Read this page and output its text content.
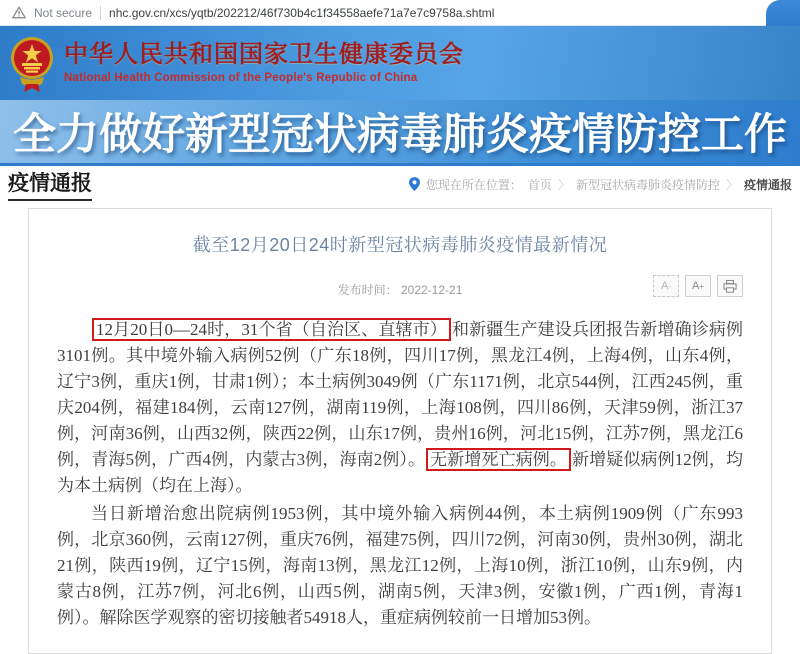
Not secure nhc.gov.cn/xcs/yqtb/202212/46f730b4c1f34558aefe71a7e7c9758a.shtml
中华人民共和国国家卫生健康委员会
National Health Commission of the People's Republic of China
全力做好新型冠状病毒肺炎疫情防控工作
疫情通报	您现在所在位置： 首页 〉 新型冠状病毒肺炎疫情防控 〉 疫情通报
截至12月20日24时新型冠状病毒肺炎疫情最新情况
发布时间： 2022-12-21	A -	A +

12月20日0—24时，31个省（自治区、直辖市） 和新疆生产建设兵团报告新增确诊病例3101例。其中境外输入病例52例（广东18例，四川17例，黑龙江4例，上海4例，山东4例，辽宁3例，重庆1例，甘肃1例）；本土病例3049例（广东1171例，北京544例，江西245例，重庆204例，福建184例，云南127例，湖南119例，上海108例，四川86例，天津59例，浙江37例，河南36例，山西32例，陕西22例，山东17例，贵州16例，河北15例，江苏7例，黑龙江6例，青海5例，广西4例，内蒙古3例，海南2例）。 无新增死亡病例。 新增疑似病例12例，均为本土病例（均在上海）。

当日新增治愈出院病例1953例，其中境外输入病例44例，本土病例1909例（广东993例，北京360例，云南127例，重庆76例，福建75例，四川72例，河南30例，贵州30例，湖北21例，陕西19例，辽宁15例，海南13例，黑龙江12例，上海10例，浙江10例，山东9例，内蒙古8例，江苏7例，河北6例，山西5例，湖南5例，天津3例，安徽1例，广西1例，青海1例）。解除医学观察的密切接触者54918人，重症病例较前一日增加53例。
